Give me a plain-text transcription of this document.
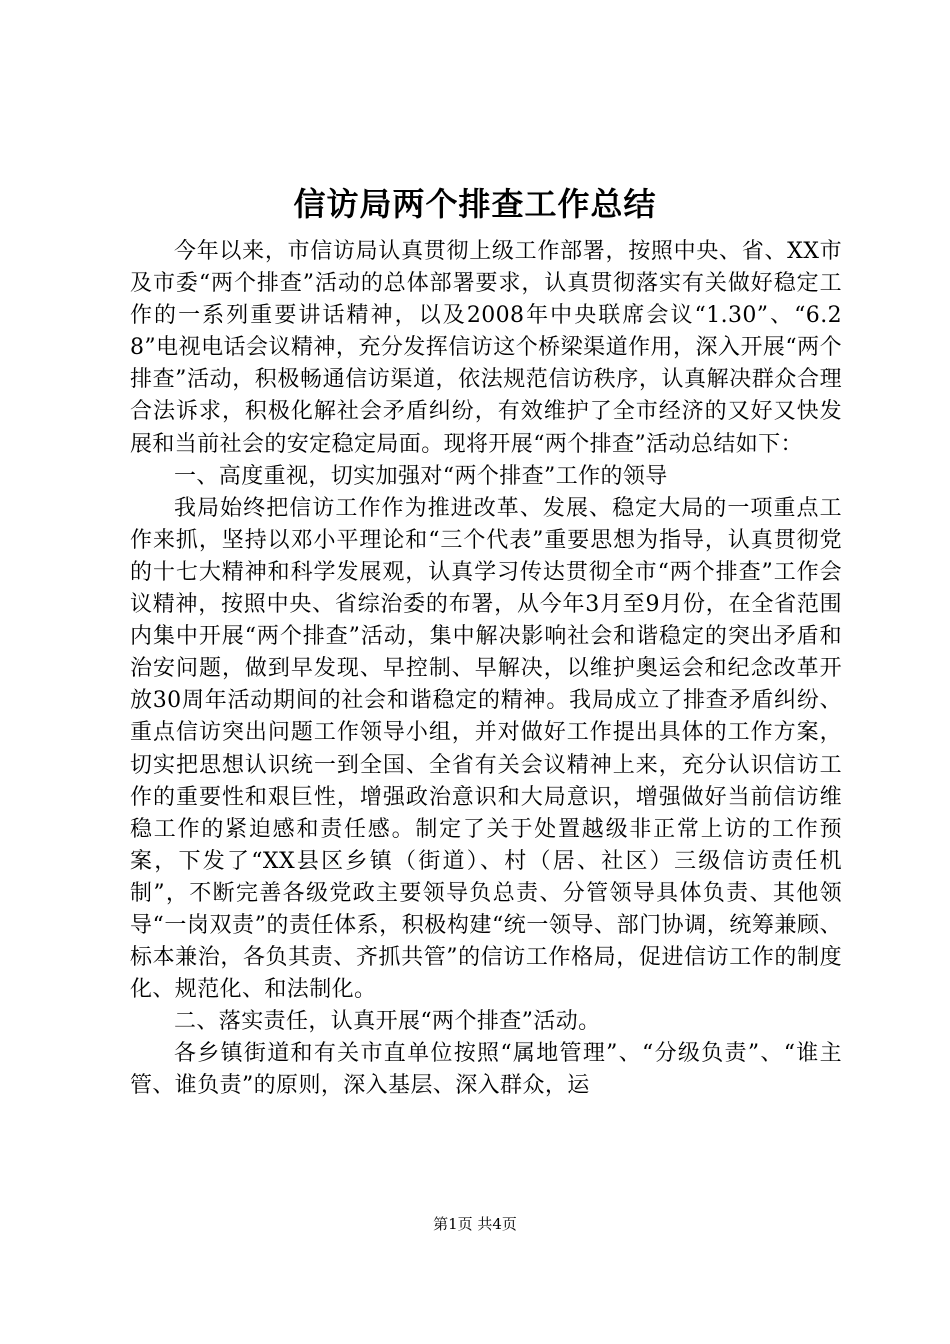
信访局两个排查工作总结

今年以来，市信访局认真贯彻上级工作部署，按照中央、省、XX市及市委“两个排查”活动的总体部署要求，认真贯彻落实有关做好稳定工作的一系列重要讲话精神，以及2008年中央联席会议“1.30”、“6.28”电视电话会议精神，充分发挥信访这个桥梁渠道作用，深入开展“两个排查”活动，积极畅通信访渠道，依法规范信访秩序，认真解决群众合理合法诉求，积极化解社会矛盾纠纷，有效维护了全市经济的又好又快发展和当前社会的安定稳定局面。现将开展“两个排查”活动总结如下：

一、高度重视，切实加强对“两个排查”工作的领导

我局始终把信访工作作为推进改革、发展、稳定大局的一项重点工作来抓，坚持以邓小平理论和“三个代表”重要思想为指导，认真贯彻党的十七大精神和科学发展观，认真学习传达贯彻全市“两个排查”工作会议精神，按照中央、省综治委的布署，从今年3月至9月份，在全省范围内集中开展“两个排查”活动，集中解决影响社会和谐稳定的突出矛盾和治安问题，做到早发现、早控制、早解决，以维护奥运会和纪念改革开放30周年活动期间的社会和谐稳定的精神。我局成立了排查矛盾纠纷、重点信访突出问题工作领导小组，并对做好工作提出具体的工作方案，切实把思想认识统一到全国、全省有关会议精神上来，充分认识信访工作的重要性和艰巨性，增强政治意识和大局意识，增强做好当前信访维稳工作的紧迫感和责任感。制定了关于处置越级非正常上访的工作预案，下发了“XX县区乡镇（街道）、村（居、社区）三级信访责任机制”，不断完善各级党政主要领导负总责、分管领导具体负责、其他领导“一岗双责”的责任体系，积极构建“统一领导、部门协调，统筹兼顾、标本兼治，各负其责、齐抓共管”的信访工作格局，促进信访工作的制度化、规范化、和法制化。

二、落实责任，认真开展“两个排查”活动。

各乡镇街道和有关市直单位按照“属地管理”、“分级负责”、“谁主管、谁负责”的原则，深入基层、深入群众，运

第1页 共4页
